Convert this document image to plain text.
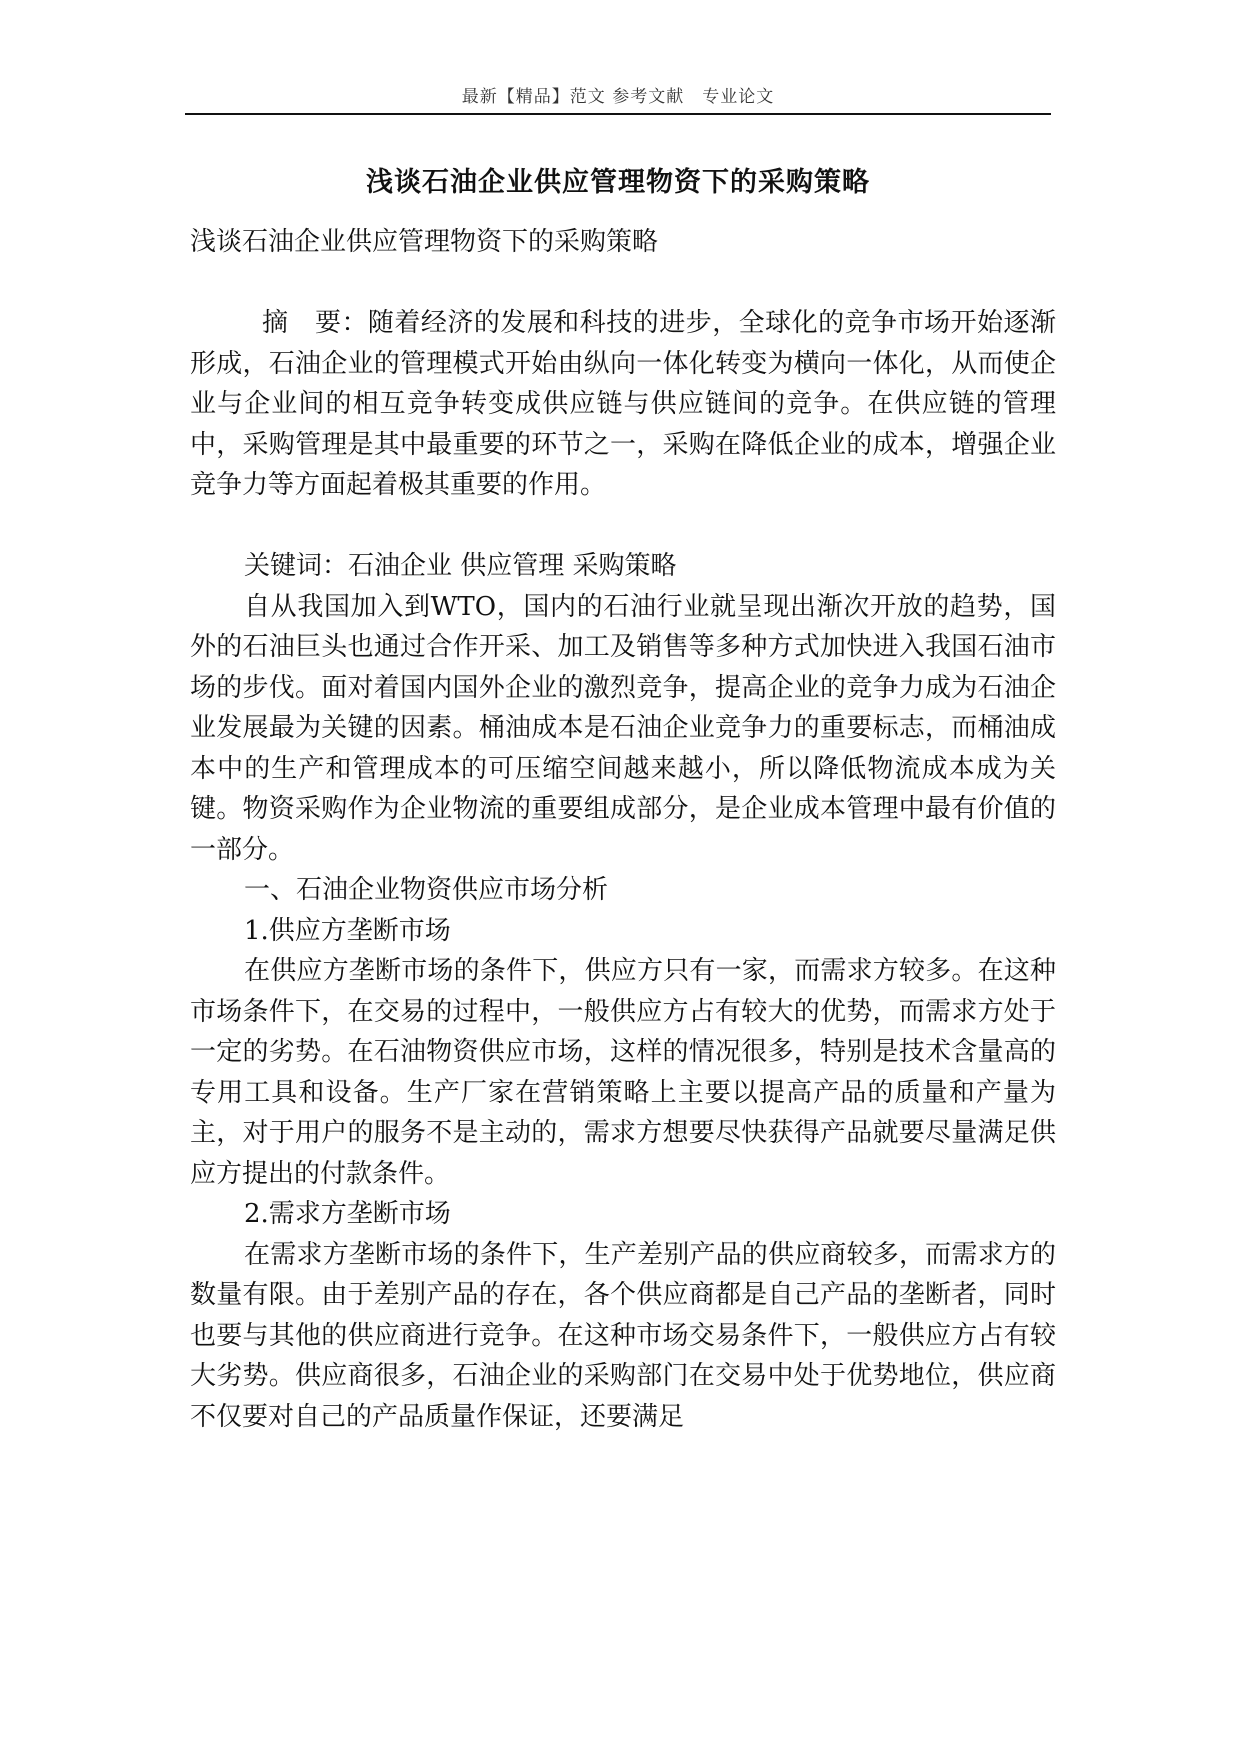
最新【精品】范文 参考文献　专业论文
浅谈石油企业供应管理物资下的采购策略

浅谈石油企业供应管理物资下的采购策略

摘　要：随着经济的发展和科技的进步，全球化的竞争市场开始逐渐形成，石油企业的管理模式开始由纵向一体化转变为横向一体化，从而使企业与企业间的相互竞争转变成供应链与供应链间的竞争。在供应链的管理中，采购管理是其中最重要的环节之一，采购在降低企业的成本，增强企业竞争力等方面起着极其重要的作用。

关键词：石油企业 供应管理 采购策略

自从我国加入到WTO，国内的石油行业就呈现出渐次开放的趋势，国外的石油巨头也通过合作开采、加工及销售等多种方式加快进入我国石油市场的步伐。面对着国内国外企业的激烈竞争，提高企业的竞争力成为石油企业发展最为关键的因素。桶油成本是石油企业竞争力的重要标志，而桶油成本中的生产和管理成本的可压缩空间越来越小，所以降低物流成本成为关键。物资采购作为企业物流的重要组成部分，是企业成本管理中最有价值的一部分。

一、石油企业物资供应市场分析

1.供应方垄断市场

在供应方垄断市场的条件下，供应方只有一家，而需求方较多。在这种市场条件下，在交易的过程中，一般供应方占有较大的优势，而需求方处于一定的劣势。在石油物资供应市场，这样的情况很多，特别是技术含量高的专用工具和设备。生产厂家在营销策略上主要以提高产品的质量和产量为主，对于用户的服务不是主动的，需求方想要尽快获得产品就要尽量满足供应方提出的付款条件。

2.需求方垄断市场

在需求方垄断市场的条件下，生产差别产品的供应商较多，而需求方的数量有限。由于差别产品的存在，各个供应商都是自己产品的垄断者，同时也要与其他的供应商进行竞争。在这种市场交易条件下，一般供应方占有较大劣势。供应商很多，石油企业的采购部门在交易中处于优势地位，供应商不仅要对自己的产品质量作保证，还要满足
